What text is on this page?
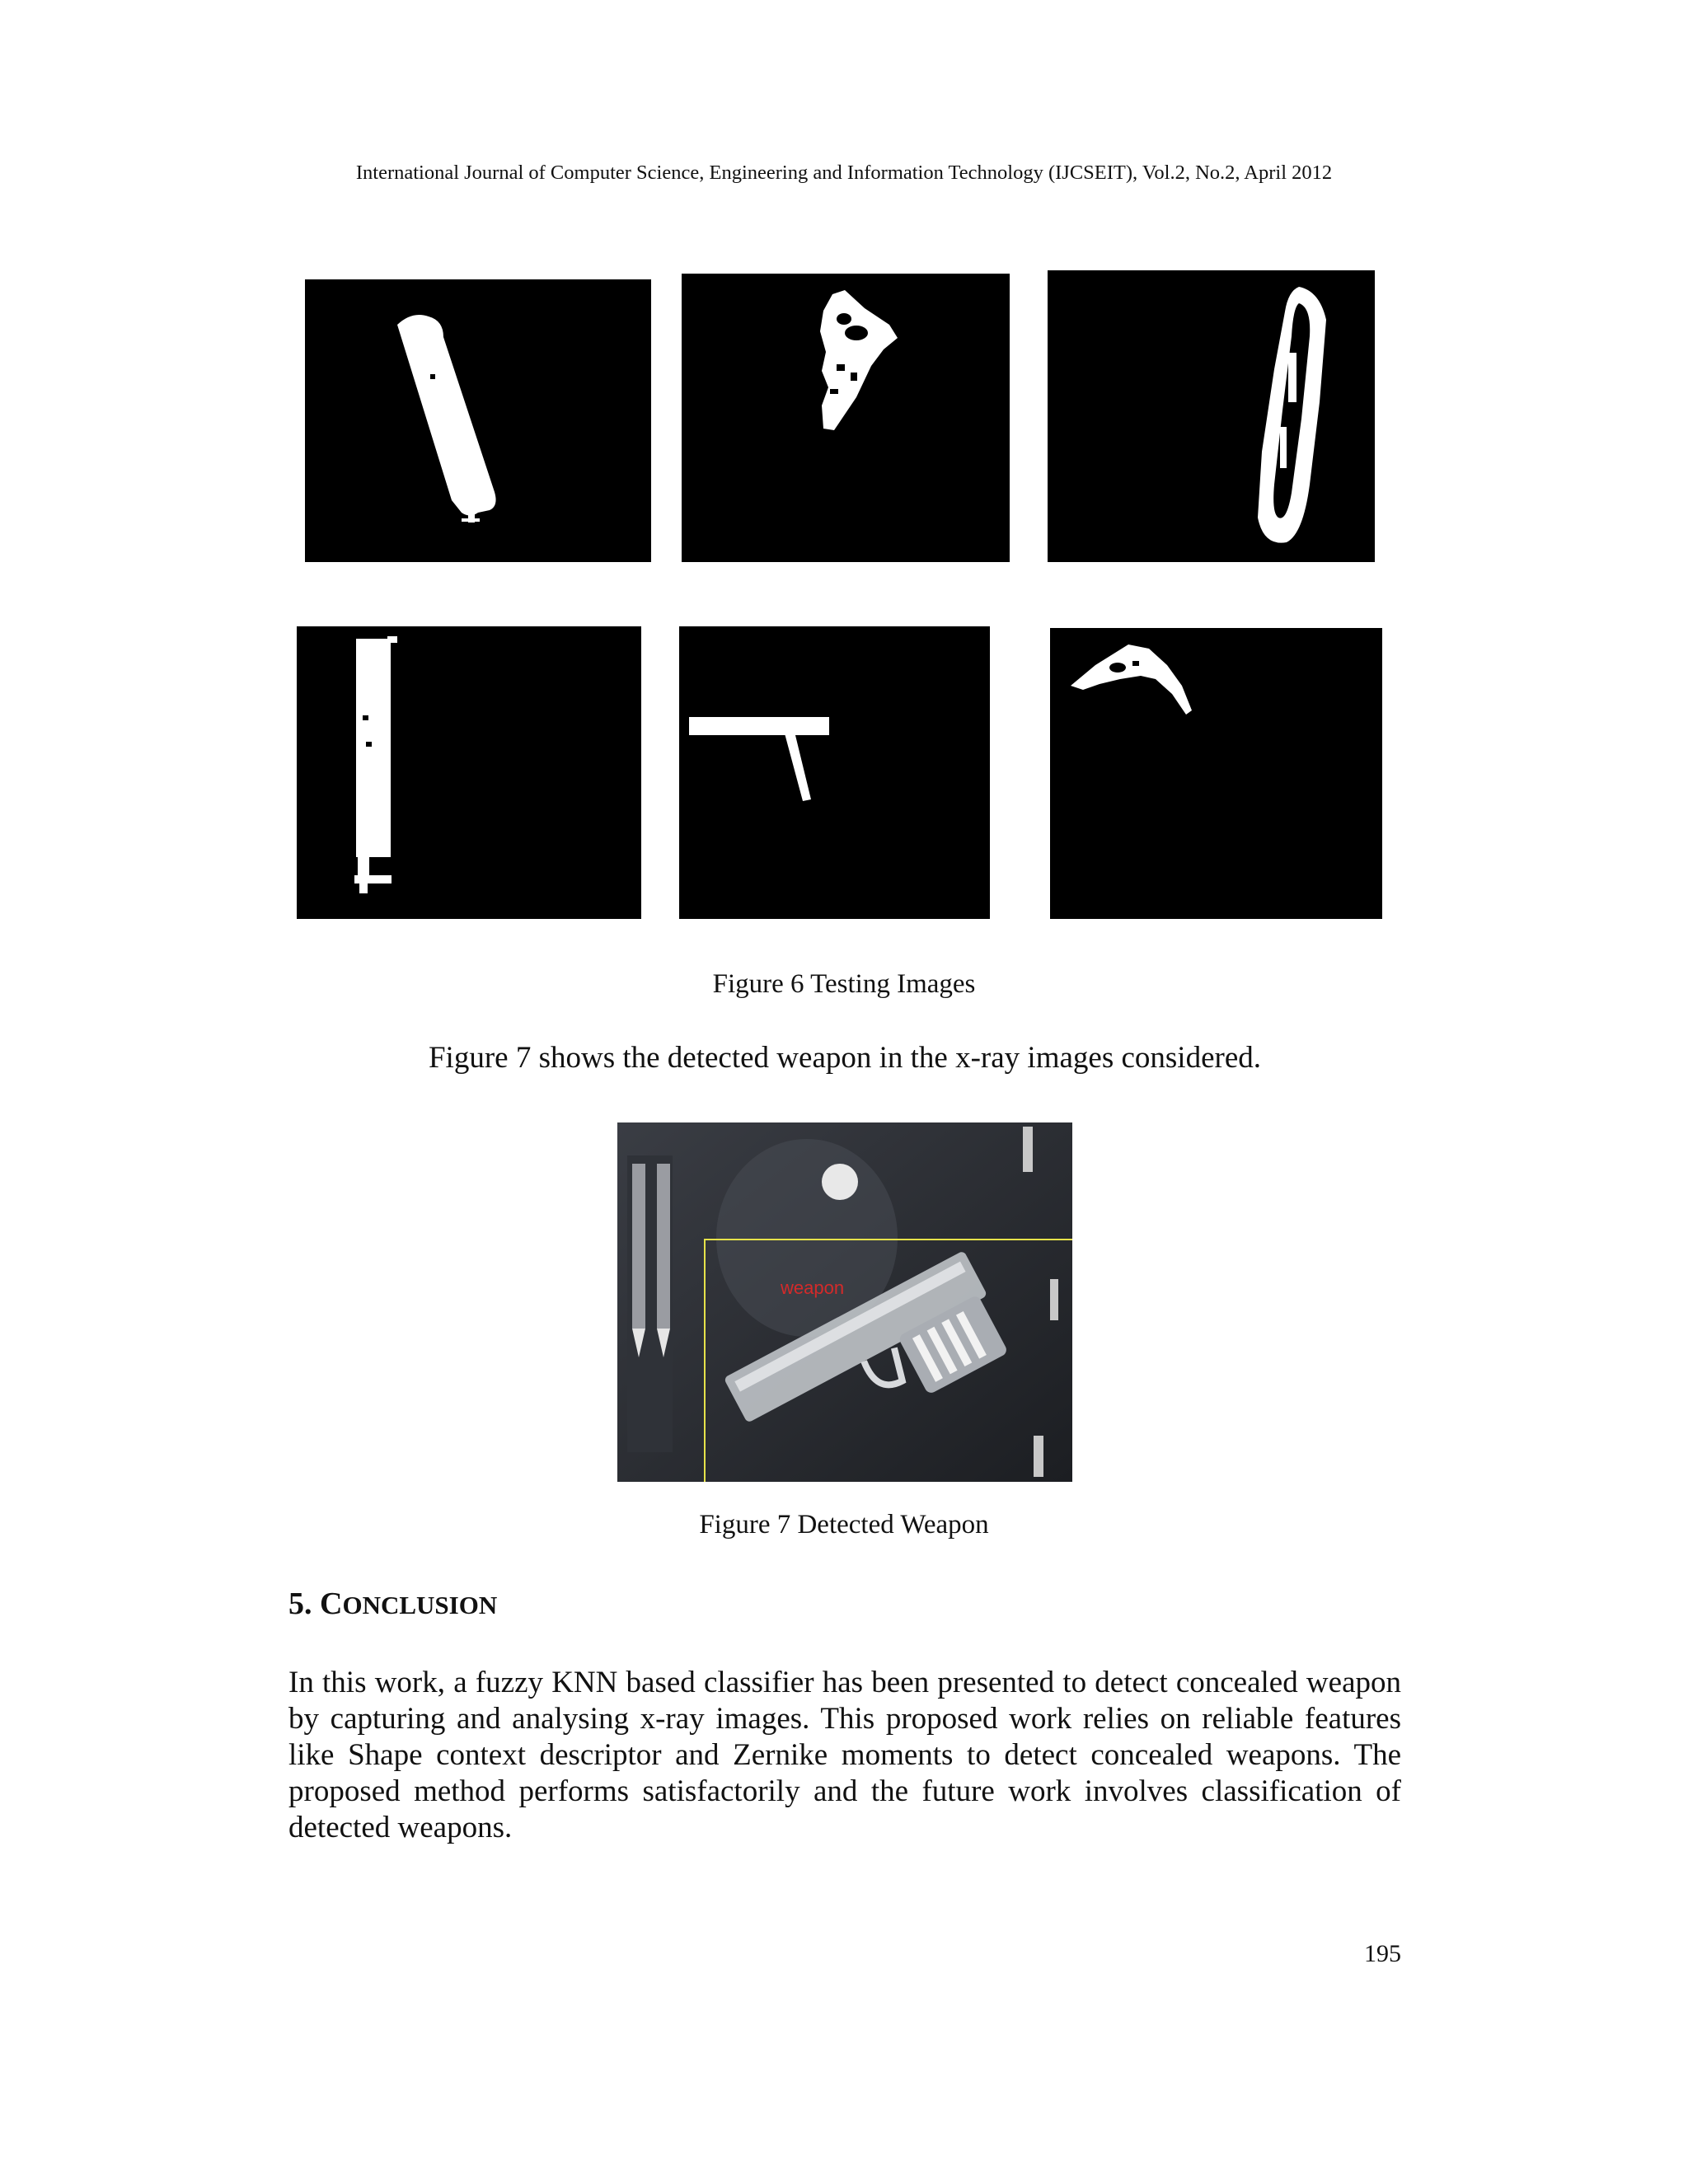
International Journal of Computer Science, Engineering and Information Technology (IJCSEIT), Vol.2, No.2, April 2012
Figure 6 Testing Images
Figure 7 shows the detected weapon in the x-ray images considered.
weapon
Figure 7 Detected Weapon
5. CONCLUSION
In this work, a fuzzy KNN based classifier has been presented to detect concealed weapon by capturing and analysing x-ray images. This proposed work relies on reliable features like Shape context descriptor and Zernike moments to detect concealed weapons. The proposed method performs satisfactorily and the future work involves classification of detected weapons.
195
